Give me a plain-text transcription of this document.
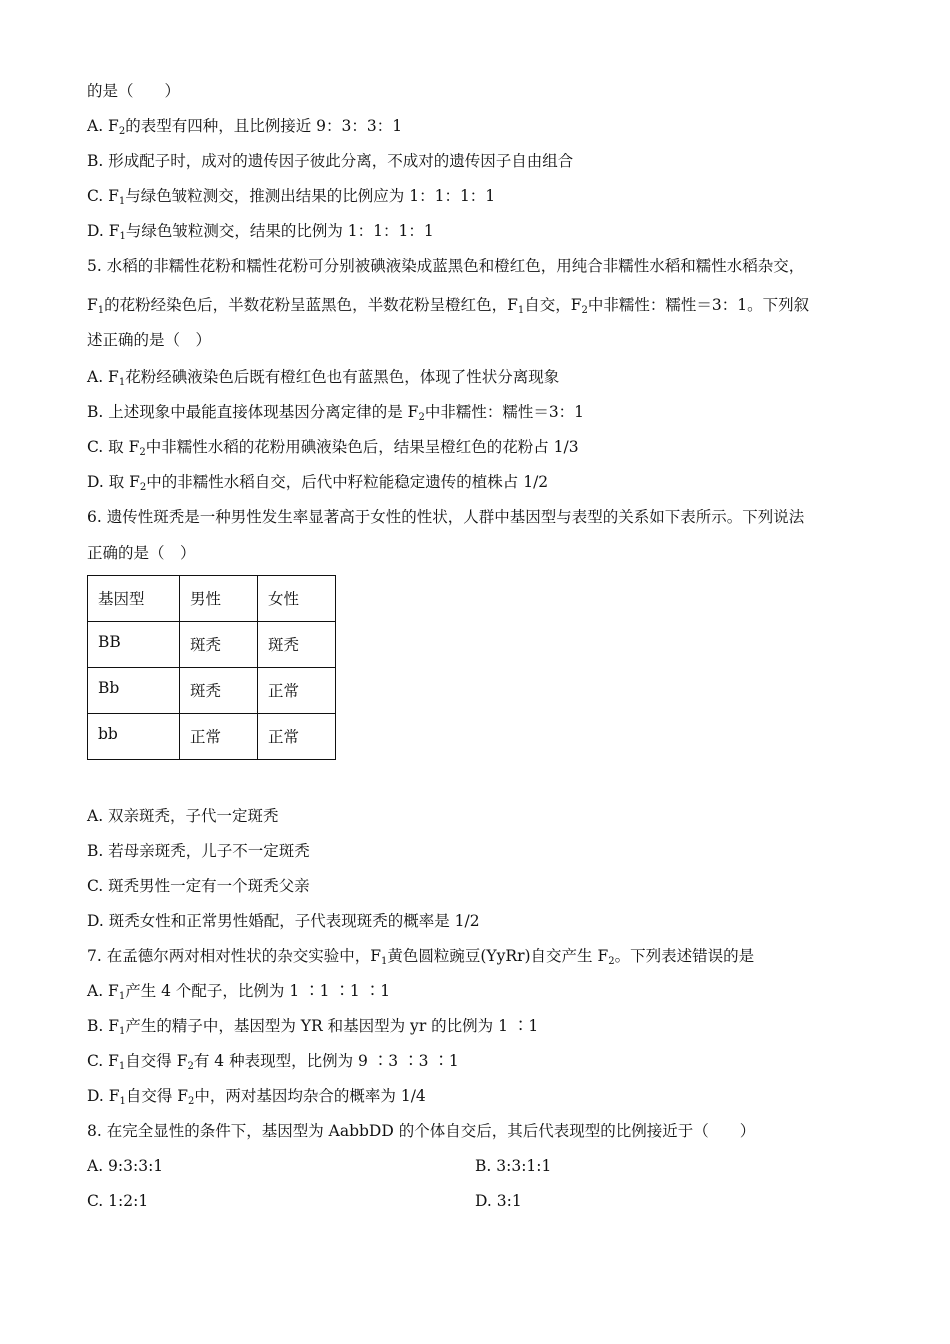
的是（　　）
A. $F_2$的表型有四种，且比例接近 9：3：3：1
B. 形成配子时，成对的遗传因子彼此分离，不成对的遗传因子自由组合
C. $F_1$与绿色皱粒测交，推测出结果的比例应为 1：1：1：1
D. $F_1$与绿色皱粒测交，结果的比例为 1：1：1：1
5. 水稻的非糯性花粉和糯性花粉可分别被碘液染成蓝黑色和橙红色，用纯合非糯性水稻和糯性水稻杂交，
$F_1$的花粉经染色后，半数花粉呈蓝黑色，半数花粉呈橙红色，$F_1$自交，$F_2$中非糯性：糯性＝3：1。下列叙
述正确的是（　）
A. $F_1$花粉经碘液染色后既有橙红色也有蓝黑色，体现了性状分离现象
B. 上述现象中最能直接体现基因分离定律的是 $F_2$中非糯性：糯性＝3：1
C. 取 $F_2$中非糯性水稻的花粉用碘液染色后，结果呈橙红色的花粉占 1/3
D. 取 $F_2$中的非糯性水稻自交，后代中籽粒能稳定遗传的植株占 1/2
6. 遗传性斑秃是一种男性发生率显著高于女性的性状，人群中基因型与表型的关系如下表所示。下列说法
正确的是（　）
基因型	男性	女性
BB	斑秃	斑秃
Bb	斑秃	正常
bb	正常	正常
A. 双亲斑秃，子代一定斑秃
B. 若母亲斑秃，儿子不一定斑秃
C. 斑秃男性一定有一个斑秃父亲
D. 斑秃女性和正常男性婚配，子代表现斑秃的概率是 1/2
7. 在孟德尔两对相对性状的杂交实验中，$F_1$黄色圆粒豌豆(YyRr)自交产生 $F_2$。下列表述错误的是
A. $F_1$产生 4 个配子，比例为 1 ∶1 ∶1 ∶1
B. $F_1$产生的精子中，基因型为 YR 和基因型为 yr 的比例为 1 ∶1
C. $F_1$自交得 $F_2$有 4 种表现型，比例为 9 ∶3 ∶3 ∶1
D. $F_1$自交得 $F_2$中，两对基因均杂合的概率为 1/4
8. 在完全显性的条件下，基因型为 AabbDD 的个体自交后，其后代表现型的比例接近于（　　）
A. 9:3:3:1	B. 3:3:1:1
C. 1:2:1	D. 3:1
